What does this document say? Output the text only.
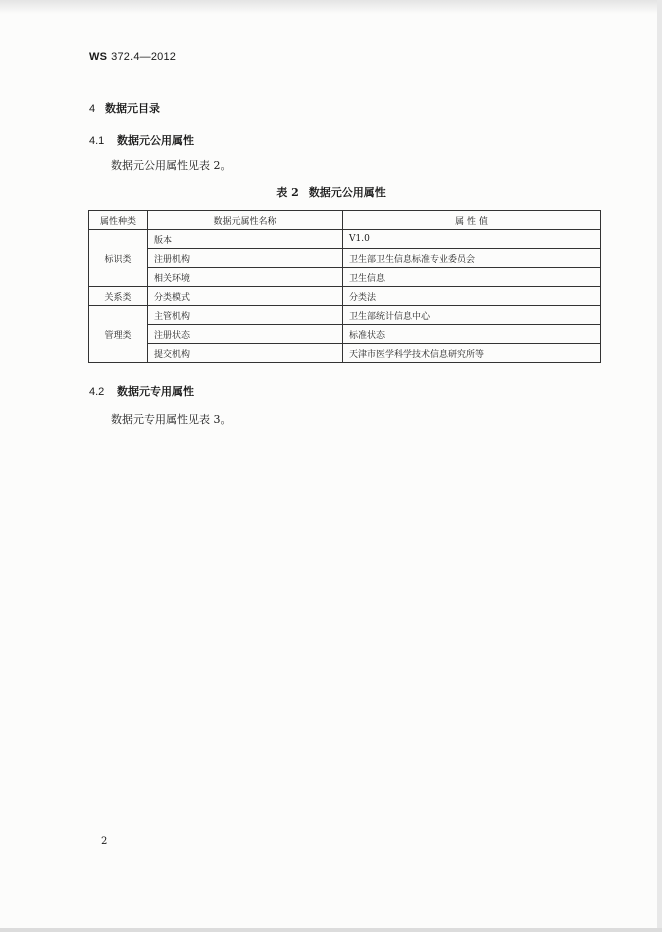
WS 372.4—2012
4 数据元目录
4.1 数据元公用属性
数据元公用属性见表 2。
表 2 数据元公用属性
属性种类	数据元属性名称	属 性 值
标识类	版本	V1.0
	注册机构	卫生部卫生信息标准专业委员会
	相关环境	卫生信息
关系类	分类模式	分类法
管理类	主管机构	卫生部统计信息中心
	注册状态	标准状态
	提交机构	天津市医学科学技术信息研究所等
4.2 数据元专用属性
数据元专用属性见表 3。
2
